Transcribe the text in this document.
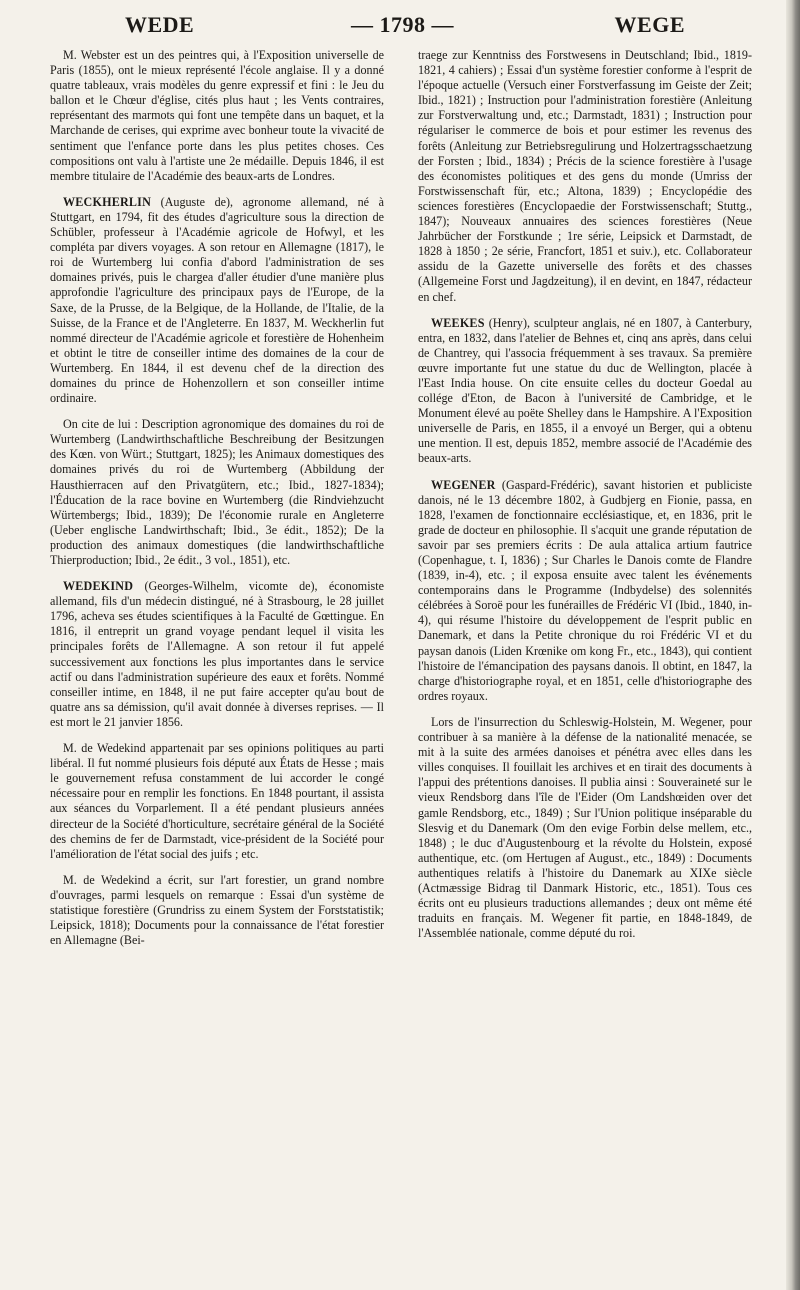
WEDE	— 1798 —	WEGE

M. Webster est un des peintres qui, à l'Exposition universelle de Paris (1855), ont le mieux représenté l'école anglaise. Il y a donné quatre tableaux, vrais modèles du genre expressif et fini : le Jeu du ballon et le Chœur d'église, cités plus haut ; les Vents contraires, représentant des marmots qui font une tempête dans un baquet, et la Marchande de cerises, qui exprime avec bonheur toute la vivacité de sentiment que l'enfance porte dans les plus petites choses. Ces compositions ont valu à l'artiste une 2e médaille. Depuis 1846, il est membre titulaire de l'Académie des beaux-arts de Londres.

WECKHERLIN (Auguste de), agronome allemand, né à Stuttgart, en 1794, fit des études d'agriculture sous la direction de Schübler, professeur à l'Académie agricole de Hofwyl, et les compléta par divers voyages. A son retour en Allemagne (1817), le roi de Wurtemberg lui confia d'abord l'administration de ses domaines privés, puis le chargea d'aller étudier d'une manière plus approfondie l'agriculture des principaux pays de l'Europe, de la Saxe, de la Prusse, de la Belgique, de la Hollande, de l'Italie, de la Suisse, de la France et de l'Angleterre. En 1837, M. Weckherlin fut nommé directeur de l'Académie agricole et forestière de Hohenheim et obtint le titre de conseiller intime des domaines de la cour de Wurtemberg. En 1844, il est devenu chef de la direction des domaines du prince de Hohenzollern et son conseiller intime ordinaire.

On cite de lui : Description agronomique des domaines du roi de Wurtemberg (Landwirthschaftliche Beschreibung der Besitzungen des Kœn. von Würt.; Stuttgart, 1825); les Animaux domestiques des domaines privés du roi de Wurtemberg (Abbildung der Hausthierracen auf den Privatgütern, etc.; Ibid., 1827-1834); l'Éducation de la race bovine en Wurtemberg (die Rindviehzucht Würtembergs; Ibid., 1839); De l'économie rurale en Angleterre (Ueber englische Landwirthschaft; Ibid., 3e édit., 1852); De la production des animaux domestiques (die landwirthschaftliche Thierproduction; Ibid., 2e édit., 3 vol., 1851), etc.

WEDEKIND (Georges-Wilhelm, vicomte de), économiste allemand, fils d'un médecin distingué, né à Strasbourg, le 28 juillet 1796, acheva ses études scientifiques à la Faculté de Gœttingue. En 1816, il entreprit un grand voyage pendant lequel il visita les principales forêts de l'Allemagne. A son retour il fut appelé successivement aux fonctions les plus importantes dans le service actif ou dans l'administration supérieure des eaux et forêts. Nommé conseiller intime, en 1848, il ne put faire accepter qu'au bout de quatre ans sa démission, qu'il avait donnée à diverses reprises. — Il est mort le 21 janvier 1856.

M. de Wedekind appartenait par ses opinions politiques au parti libéral. Il fut nommé plusieurs fois député aux États de Hesse ; mais le gouvernement refusa constamment de lui accorder le congé nécessaire pour en remplir les fonctions. En 1848 pourtant, il assista aux séances du Vorparlement. Il a été pendant plusieurs années directeur de la Société d'horticulture, secrétaire général de la Société des chemins de fer de Darmstadt, vice-président de la Société pour l'amélioration de l'état social des juifs ; etc.

M. de Wedekind a écrit, sur l'art forestier, un grand nombre d'ouvrages, parmi lesquels on remarque : Essai d'un système de statistique forestière (Grundriss zu einem System der Forststatistik; Leipsick, 1818); Documents pour la connaissance de l'état forestier en Allemagne (Bei-

traege zur Kenntniss des Forstwesens in Deutschland; Ibid., 1819-1821, 4 cahiers) ; Essai d'un système forestier conforme à l'esprit de l'époque actuelle (Versuch einer Forstverfassung im Geiste der Zeit; Ibid., 1821) ; Instruction pour l'administration forestière (Anleitung zur Forstverwaltung und, etc.; Darmstadt, 1831) ; Instruction pour régulariser le commerce de bois et pour estimer les revenus des forêts (Anleitung zur Betriebsregulirung und Holzertragsschaetzung der Forsten ; Ibid., 1834) ; Précis de la science forestière à l'usage des économistes politiques et des gens du monde (Umriss der Forstwissenschaft für, etc.; Altona, 1839) ; Encyclopédie des sciences forestières (Encyclopaedie der Forstwissenschaft; Stuttg., 1847); Nouveaux annuaires des sciences forestières (Neue Jahrbücher der Forstkunde ; 1re série, Leipsick et Darmstadt, de 1828 à 1850 ; 2e série, Francfort, 1851 et suiv.), etc. Collaborateur assidu de la Gazette universelle des forêts et des chasses (Allgemeine Forst und Jagdzeitung), il en devint, en 1847, rédacteur en chef.

WEEKES (Henry), sculpteur anglais, né en 1807, à Canterbury, entra, en 1832, dans l'atelier de Behnes et, cinq ans après, dans celui de Chantrey, qui l'associa fréquemment à ses travaux. Sa première œuvre importante fut une statue du duc de Wellington, placée à l'East India house. On cite ensuite celles du docteur Goedal au collége d'Eton, de Bacon à l'université de Cambridge, et le Monument élevé au poëte Shelley dans le Hampshire. A l'Exposition universelle de Paris, en 1855, il a envoyé un Berger, qui a obtenu une mention. Il est, depuis 1852, membre associé de l'Académie des beaux-arts.

WEGENER (Gaspard-Frédéric), savant historien et publiciste danois, né le 13 décembre 1802, à Gudbjerg en Fionie, passa, en 1828, l'examen de fonctionnaire ecclésiastique, et, en 1836, prit le grade de docteur en philosophie. Il s'acquit une grande réputation de savoir par ses premiers écrits : De aula attalica artium fautrice (Copenhague, t. I, 1836) ; Sur Charles le Danois comte de Flandre (1839, in-4), etc. ; il exposa ensuite avec talent les événements contemporains dans le Programme (Indbydelse) des solennités célébrées à Soroë pour les funérailles de Frédéric VI (Ibid., 1840, in-4), qui résume l'histoire du développement de l'esprit public en Danemark, et dans la Petite chronique du roi Frédéric VI et du paysan danois (Liden Krœnike om kong Fr., etc., 1843), qui contient l'histoire de l'émancipation des paysans danois. Il obtint, en 1847, la charge d'historiographe royal, et en 1851, celle d'historiographe des ordres royaux.

Lors de l'insurrection du Schleswig-Holstein, M. Wegener, pour contribuer à sa manière à la défense de la nationalité menacée, se mit à la suite des armées danoises et pénétra avec elles dans les villes conquises. Il fouillait les archives et en tirait des documents à l'appui des prétentions danoises. Il publia ainsi : Souveraineté sur le vieux Rendsborg dans l'île de l'Eider (Om Landshœiden over det gamle Rendsborg, etc., 1849) ; Sur l'Union politique inséparable du Slesvig et du Danemark (Om den evige Forbin delse mellem, etc., 1848) ; le duc d'Augustenbourg et la révolte du Holstein, exposé authentique, etc. (om Hertugen af August., etc., 1849) : Documents authentiques relatifs à l'histoire du Danemark au XIXe siècle (Actmæssige Bidrag til Danmark Historic, etc., 1851). Tous ces écrits ont eu plusieurs traductions allemandes ; deux ont même été traduits en français. M. Wegener fit partie, en 1848-1849, de l'Assemblée nationale, comme député du roi.
